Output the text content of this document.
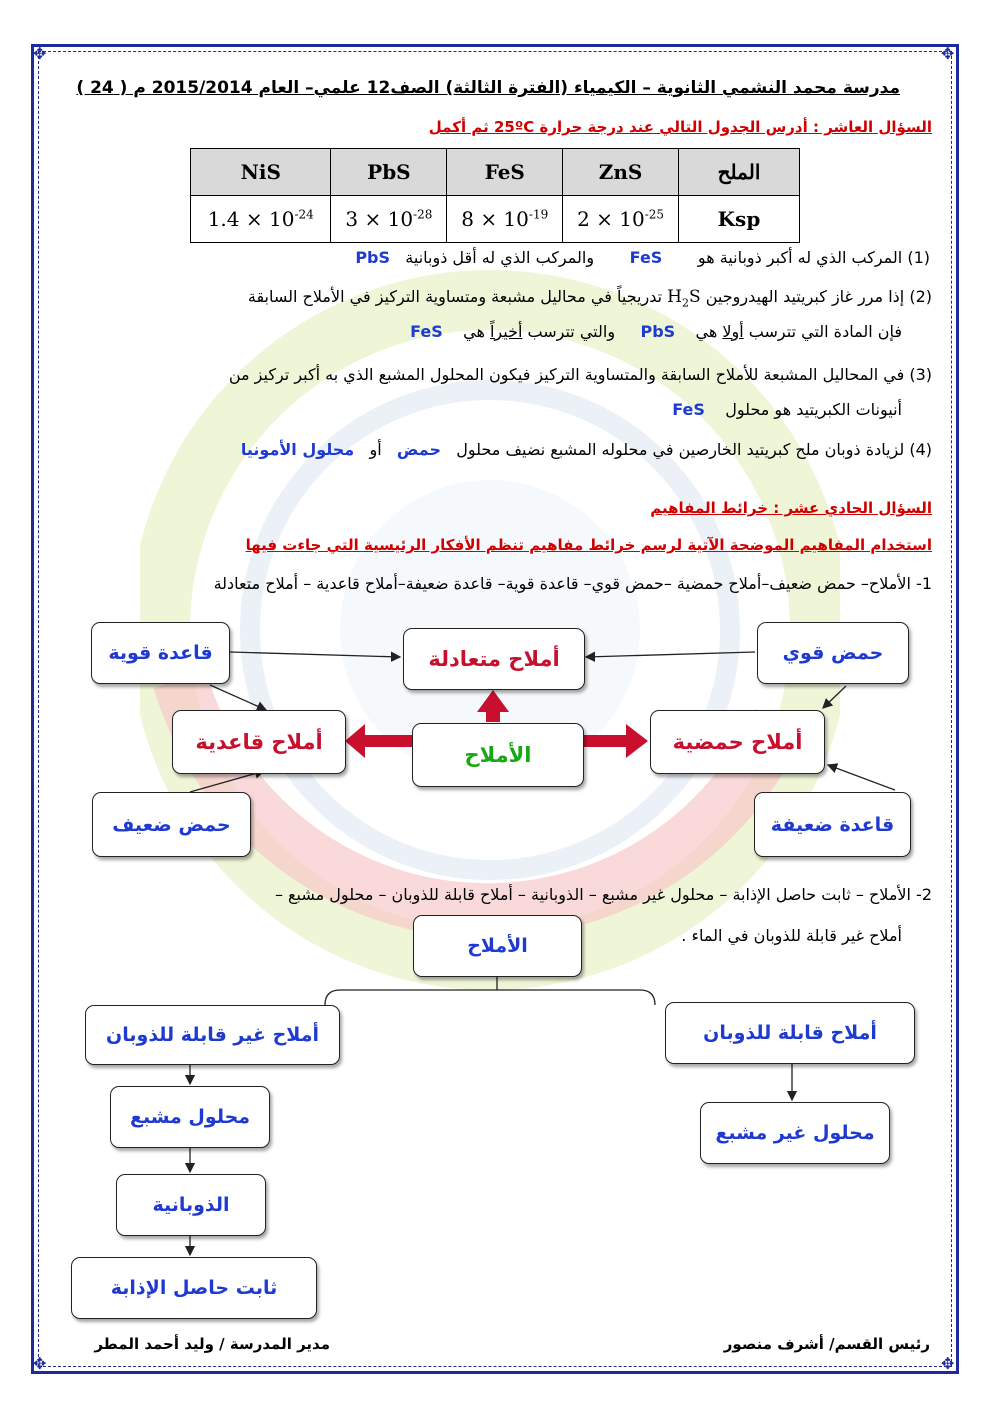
✥	✥
✥	✥
مدرسة محمد النشمي الثانوية – الكيمياء (الفترة الثالثة) الصف12 علمي– العام 2015/2014 م ( 24 )
السؤال العاشر : أدرس الجدول التالي عند درجة حرارة 25ºC ثم أكمل
الملح	ZnS	FeS	PbS	NiS
Ksp	$2 \times 10^{-25}$	$8 \times 10^{-19}$	$3 \times 10^{-28}$	$1.4 \times 10^{-24}$
(1) المركب الذي له أكبر ذوبانية هو       FeS       والمركب الذي له أقل ذوبانية   PbS
(2) إذا مرر غاز كبريتيد الهيدروجين $H_2S$ تدريجياً في محاليل مشبعة ومتساوية التركيز في الأملاح السابقة
فإن المادة التي تترسب أولا هي    PbS     والتي تترسب أخيراً هي    FeS
(3) في المحاليل المشبعة للأملاح السابقة والمتساوية التركيز فيكون المحلول المشبع الذي به أكبر تركيز من
أنيونات الكبريتيد هو محلول    FeS
(4) لزيادة ذوبان ملح كبريتيد الخارصين في محلوله المشبع نضيف محلول   حمض   أو   محلول الأمونيا
السؤال الحادي عشر : خرائط المفاهيم
استخدام المفاهيم الموضحة الآتية لرسم خرائط مفاهيم تنظم الأفكار الرئيسية التي جاءت فيها
1- الأملاح– حمض ضعيف–أملاح حمضية –حمض قوي– قاعدة قوية– قاعدة ضعيفة–أملاح قاعدية – أملاح متعادلة
قاعدة قوية	أملاح متعادلة	حمض قوي
أملاح قاعدية
الأملاح
أملاح حمضية
حمض ضعيف	قاعدة ضعيفة
2- الأملاح – ثابت حاصل الإذابة – محلول غير مشبع – الذوبانية – أملاح قابلة للذوبان – محلول مشبع –
أملاح غير قابلة للذوبان في الماء .
الأملاح
أملاح قابلة للذوبان
أملاح غير قابلة للذوبان
محلول مشبع
محلول غير مشبع
الذوبانية
ثابت حاصل الإذابة
رئيس القسم/ أشرف منصور
مدير المدرسة / وليد أحمد المطر
